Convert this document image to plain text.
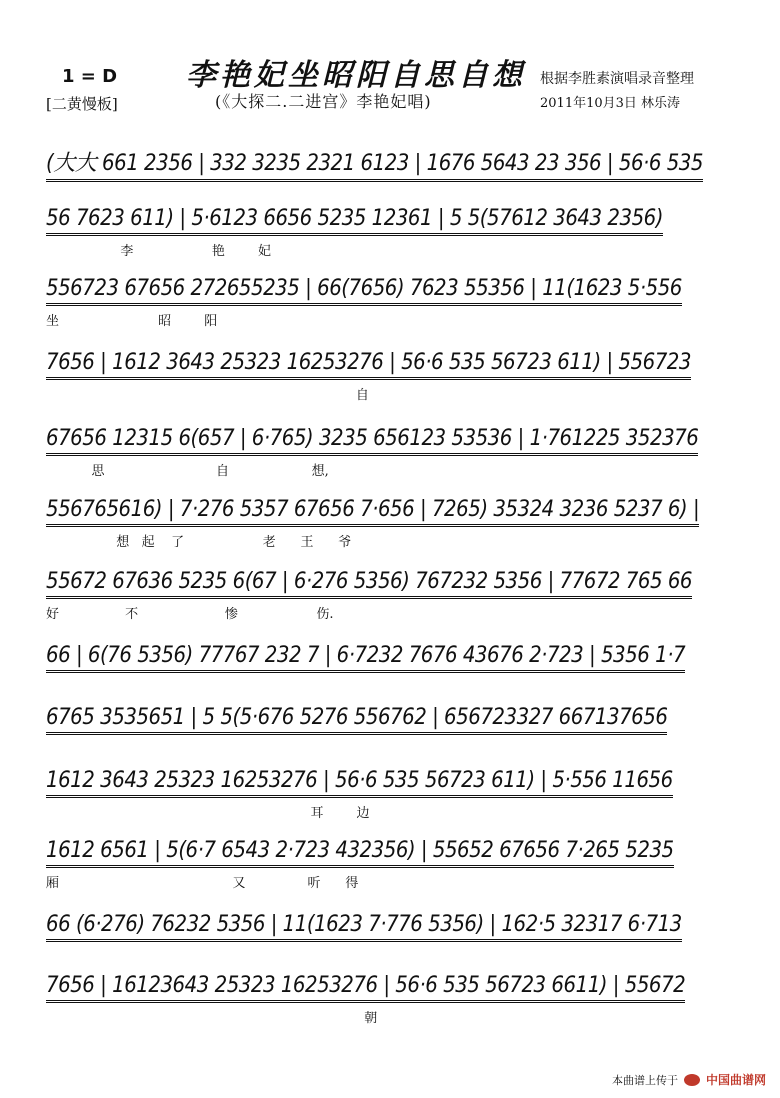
1 = D
[二黄慢板]
李艳妃坐昭阳自思自想
(《大探二.二进宫》李艳妃唱)
根据李胜素演唱录音整理
2011年10月3日 林乐涛
(大大 661 2356 | 332 3235 2321 6123 | 1676 5643 23 356 | 56·6 535
56 7623 611) | 5·6123 6656 5235 12361 | 5 5(57612 3643 2356)
李                   艳        妃
556723 67656 272655235 | 66(7656) 7623 55356 | 11(1623 5·556
坐                        昭        阳
7656 | 1612 3643 25323 16253276 | 56·6 535 56723 611) | 556723
自
67656 12315 6(657 | 6·765) 3235 656123 53536 | 1·761225 352376
思                           自                    想,
556765616) | 7·276 5357 67656 7·656 | 7265) 35324 3236 5237 6) |
想   起    了                   老      王      爷
55672 67636 5235 6(67 | 6·276 5356) 767232 5356 | 77672 765 66
好                不                     惨                   伤.
66 | 6(76 5356) 77767 232 7 | 6·7232 7676 43676 2·723 | 5356 1·7
6765 3535651 | 5 5(5·676 5276 556762 | 656723327 667137656
1612 3643 25323 16253276 | 56·6 535 56723 611) | 5·556 11656
耳        边
1612 6561 | 5(6·7 6543 2·723 432356) | 55652 67656 7·265 5235
厢                                          又               听      得
66 (6·276) 76232 5356 | 11(1623 7·776 5356) | 162·5 32317 6·713
7656 | 16123643 25323 16253276 | 56·6 535 56723 6611) | 55672
朝
本曲谱上传于 中国曲谱网
